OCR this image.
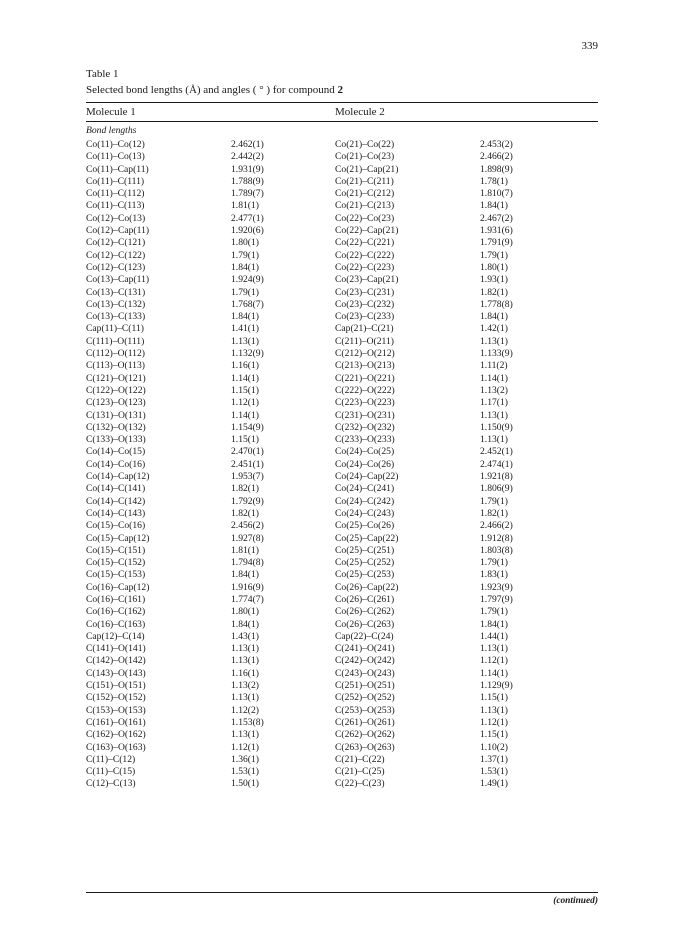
339
Table 1
Selected bond lengths (Å) and angles ( ° ) for compound 2
Molecule 1	Molecule 2
Bond lengths
Co(11)–Co(12)	2.462(1)	Co(21)–Co(22)	2.453(2)
Co(11)–Co(13)	2.442(2)	Co(21)–Co(23)	2.466(2)
Co(11)–Cap(11)	1.931(9)	Co(21)–Cap(21)	1.898(9)
Co(11)–C(111)	1.788(9)	Co(21)–C(211)	1.78(1)
Co(11)–C(112)	1.789(7)	Co(21)–C(212)	1.810(7)
Co(11)–C(113)	1.81(1)	Co(21)–C(213)	1.84(1)
Co(12)–Co(13)	2.477(1)	Co(22)–Co(23)	2.467(2)
Co(12)–Cap(11)	1.920(6)	Co(22)–Cap(21)	1.931(6)
Co(12)–C(121)	1.80(1)	Co(22)–C(221)	1.791(9)
Co(12)–C(122)	1.79(1)	Co(22)–C(222)	1.79(1)
Co(12)–C(123)	1.84(1)	Co(22)–C(223)	1.80(1)
Co(13)–Cap(11)	1.924(9)	Co(23)–Cap(21)	1.93(1)
Co(13)–C(131)	1.79(1)	Co(23)–C(231)	1.82(1)
Co(13)–C(132)	1.768(7)	Co(23)–C(232)	1.778(8)
Co(13)–C(133)	1.84(1)	Co(23)–C(233)	1.84(1)
Cap(11)–C(11)	1.41(1)	Cap(21)–C(21)	1.42(1)
C(111)–O(111)	1.13(1)	C(211)–O(211)	1.13(1)
C(112)–O(112)	1.132(9)	C(212)–O(212)	1.133(9)
C(113)–O(113)	1.16(1)	C(213)–O(213)	1.11(2)
C(121)–O(121)	1.14(1)	C(221)–O(221)	1.14(1)
C(122)–O(122)	1.15(1)	C(222)–O(222)	1.13(2)
C(123)–O(123)	1.12(1)	C(223)–O(223)	1.17(1)
C(131)–O(131)	1.14(1)	C(231)–O(231)	1.13(1)
C(132)–O(132)	1.154(9)	C(232)–O(232)	1.150(9)
C(133)–O(133)	1.15(1)	C(233)–O(233)	1.13(1)
Co(14)–Co(15)	2.470(1)	Co(24)–Co(25)	2.452(1)
Co(14)–Co(16)	2.451(1)	Co(24)–Co(26)	2.474(1)
Co(14)–Cap(12)	1.953(7)	Co(24)–Cap(22)	1.921(8)
Co(14)–C(141)	1.82(1)	Co(24)–C(241)	1.806(9)
Co(14)–C(142)	1.792(9)	Co(24)–C(242)	1.79(1)
Co(14)–C(143)	1.82(1)	Co(24)–C(243)	1.82(1)
Co(15)–Co(16)	2.456(2)	Co(25)–Co(26)	2.466(2)
Co(15)–Cap(12)	1.927(8)	Co(25)–Cap(22)	1.912(8)
Co(15)–C(151)	1.81(1)	Co(25)–C(251)	1.803(8)
Co(15)–C(152)	1.794(8)	Co(25)–C(252)	1.79(1)
Co(15)–C(153)	1.84(1)	Co(25)–C(253)	1.83(1)
Co(16)–Cap(12)	1.916(9)	Co(26)–Cap(22)	1.923(9)
Co(16)–C(161)	1.774(7)	Co(26)–C(261)	1.797(9)
Co(16)–C(162)	1.80(1)	Co(26)–C(262)	1.79(1)
Co(16)–C(163)	1.84(1)	Co(26)–C(263)	1.84(1)
Cap(12)–C(14)	1.43(1)	Cap(22)–C(24)	1.44(1)
C(141)–O(141)	1.13(1)	C(241)–O(241)	1.13(1)
C(142)–O(142)	1.13(1)	C(242)–O(242)	1.12(1)
C(143)–O(143)	1.16(1)	C(243)–O(243)	1.14(1)
C(151)–O(151)	1.13(2)	C(251)–O(251)	1.129(9)
C(152)–O(152)	1.13(1)	C(252)–O(252)	1.15(1)
C(153)–O(153)	1.12(2)	C(253)–O(253)	1.13(1)
C(161)–O(161)	1.153(8)	C(261)–O(261)	1.12(1)
C(162)–O(162)	1.13(1)	C(262)–O(262)	1.15(1)
C(163)–O(163)	1.12(1)	C(263)–O(263)	1.10(2)
C(11)–C(12)	1.36(1)	C(21)–C(22)	1.37(1)
C(11)–C(15)	1.53(1)	C(21)–C(25)	1.53(1)
C(12)–C(13)	1.50(1)	C(22)–C(23)	1.49(1)
(continued)
